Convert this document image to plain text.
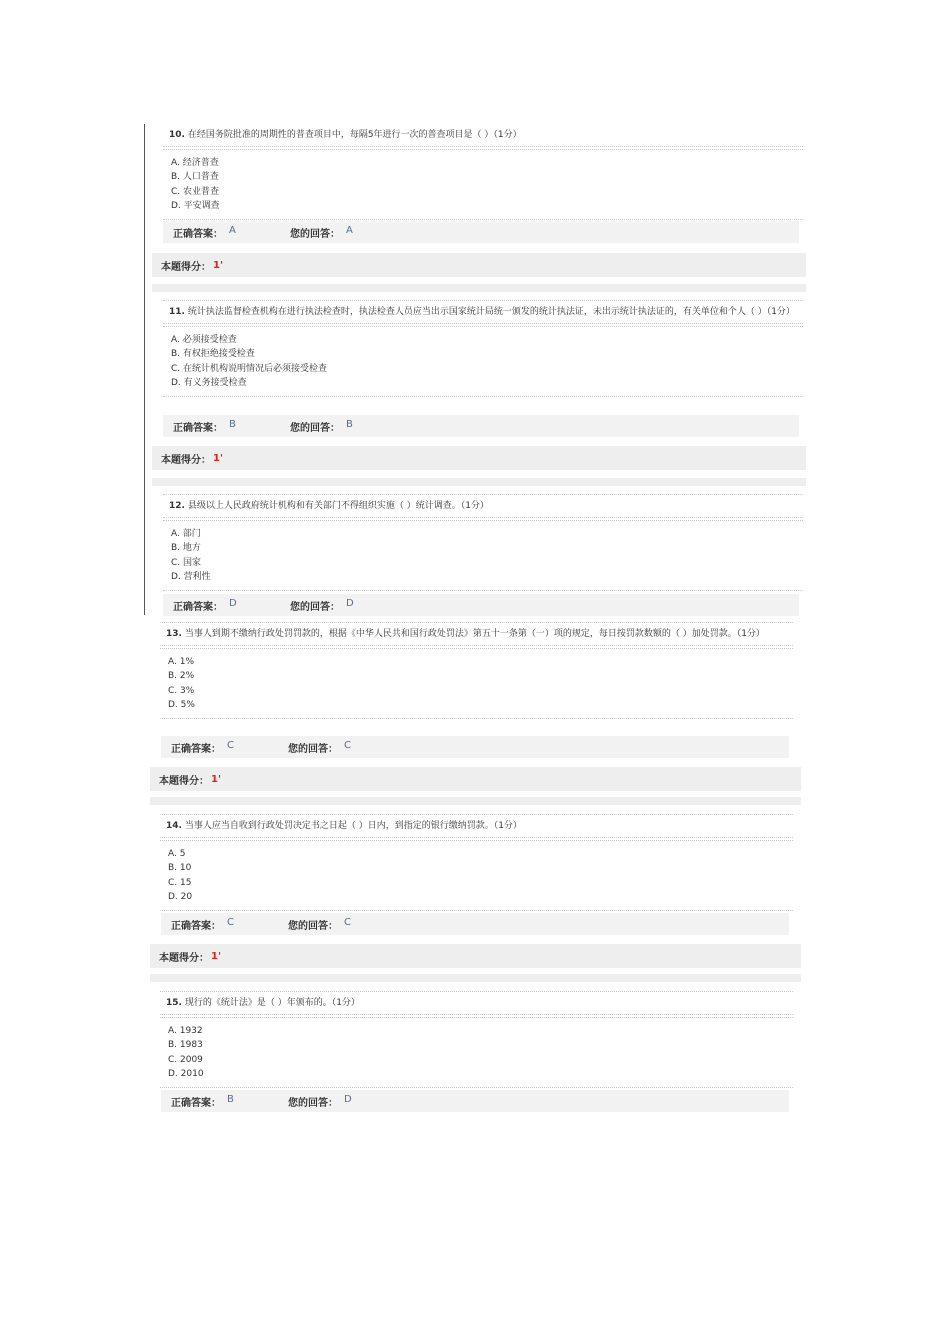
10. 在经国务院批准的周期性的普查项目中，每隔5年进行一次的普查项目是（ ）（1分）
A. 经济普查
B. 人口普查
C. 农业普查
D. 平安调查
正确答案： A	您的回答： A
本题得分： 1'
11. 统计执法监督检查机构在进行执法检查时，执法检查人员应当出示国家统计局统一颁发的统计执法证，未出示统计执法证的，有关单位和个人（ ）（1分）
A. 必须接受检查
B. 有权拒绝接受检查
C. 在统计机构说明情况后必须接受检查
D. 有义务接受检查
正确答案： B	您的回答： B
本题得分： 1'
12. 县级以上人民政府统计机构和有关部门不得组织实施（ ）统计调查。（1分）
A. 部门
B. 地方
C. 国家
D. 营利性
正确答案： D	您的回答： D
13. 当事人到期不缴纳行政处罚罚款的，根据《中华人民共和国行政处罚法》第五十一条第（一）项的规定，每日按罚款数额的（ ）加处罚款。（1分）
A. 1%
B. 2%
C. 3%
D. 5%
正确答案： C	您的回答： C
本题得分： 1'
14. 当事人应当自收到行政处罚决定书之日起（ ）日内，到指定的银行缴纳罚款。（1分）
A. 5
B. 10
C. 15
D. 20
正确答案： C	您的回答： C
本题得分： 1'
15. 现行的《统计法》是（ ）年颁布的。（1分）
A. 1932
B. 1983
C. 2009
D. 2010
正确答案： B	您的回答： D
